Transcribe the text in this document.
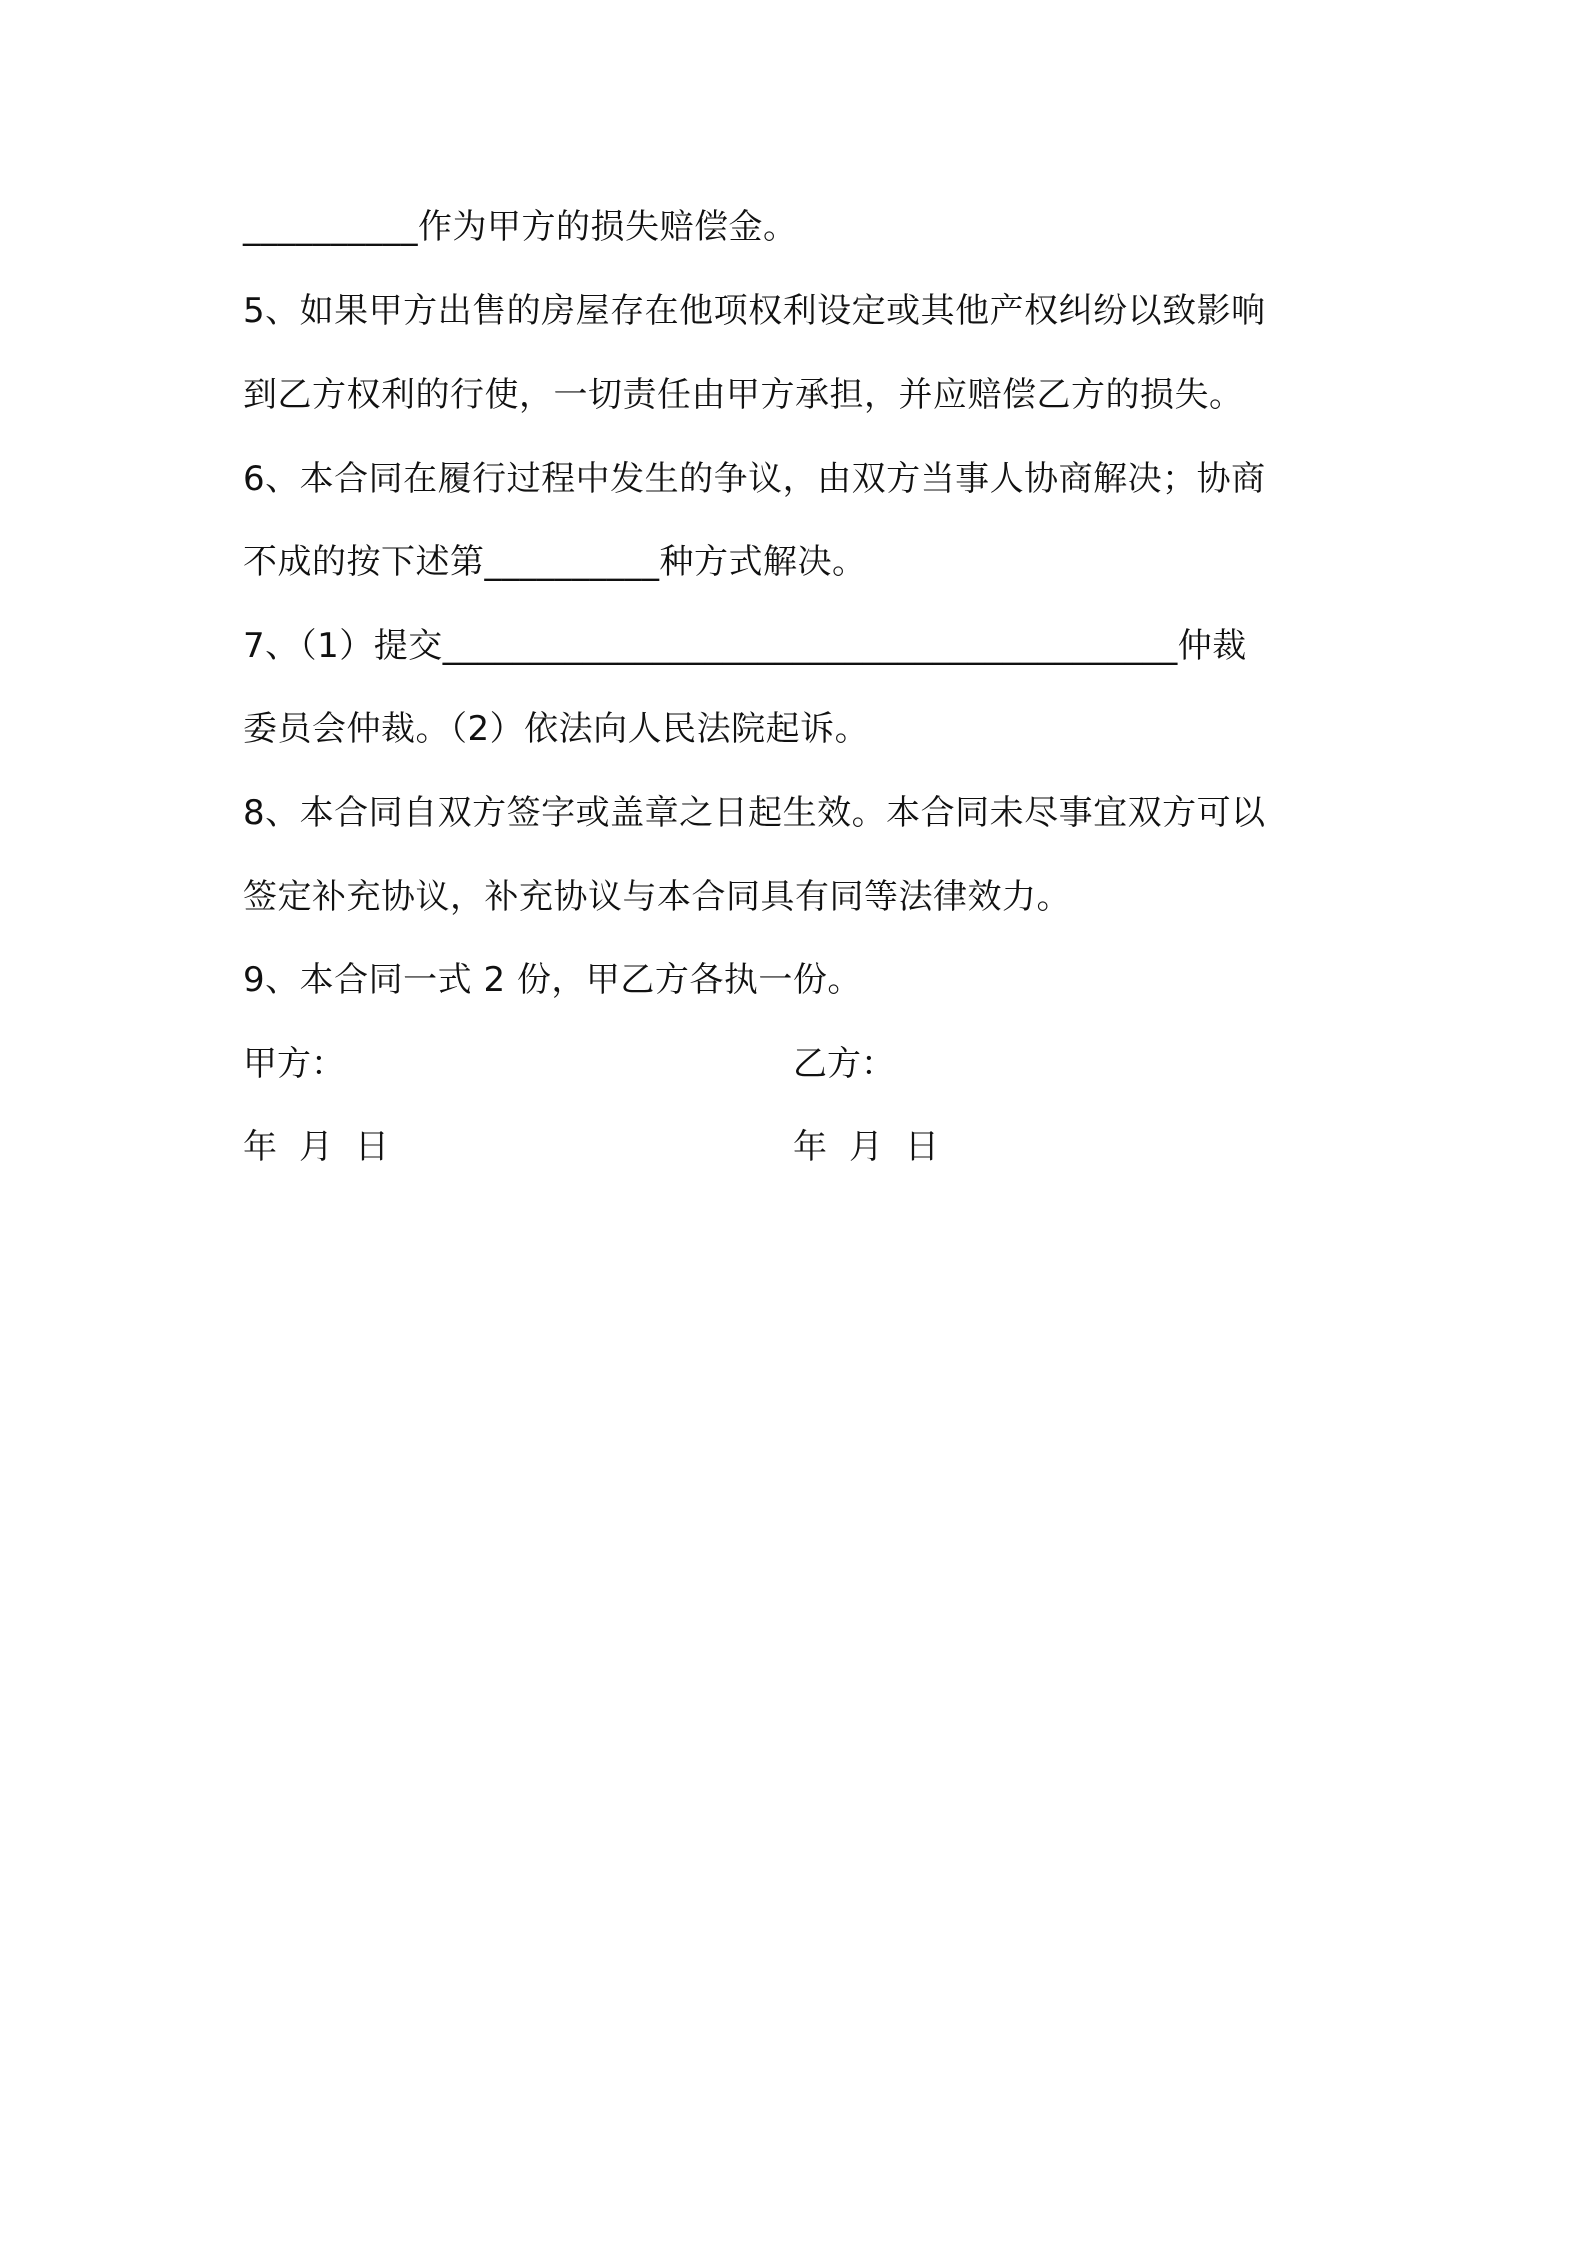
__________作为甲方的损失赔偿金。
5、如果甲方出售的房屋存在他项权利设定或其他产权纠纷以致影响
到乙方权利的行使，一切责任由甲方承担，并应赔偿乙方的损失。
6、本合同在履行过程中发生的争议，由双方当事人协商解决；协商
不成的按下述第__________种方式解决。
7、（1）提交__________________________________________仲裁
委员会仲裁。（2）依法向人民法院起诉。
8、本合同自双方签字或盖章之日起生效。本合同未尽事宜双方可以
签定补充协议，补充协议与本合同具有同等法律效力。
9、本合同一式 2 份，甲乙方各执一份。
甲方：	乙方：
年 月 日	年 月 日
